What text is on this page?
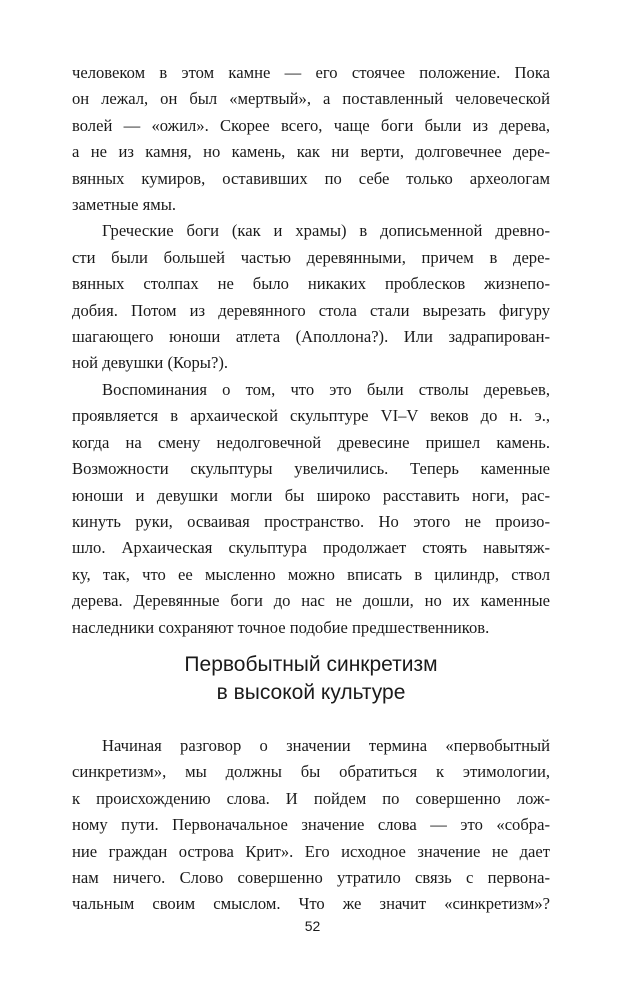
человеком в этом камне — его стоячее положение. Пока
он лежал, он был «мертвый», а поставленный человеческой
волей — «ожил». Скорее всего, чаще боги были из дерева,
а не из камня, но камень, как ни верти, долговечнее дере-
вянных кумиров, оставивших по себе только археологам
заметные ямы.

Греческие боги (как и храмы) в дописьменной древно-
сти были большей частью деревянными, причем в дере-
вянных столпах не было никаких проблесков жизнепо-
добия. Потом из деревянного стола стали вырезать фигуру
шагающего юноши атлета (Аполлона?). Или задрапирован-
ной девушки (Коры?).

Воспоминания о том, что это были стволы деревьев,
проявляется в архаической скульптуре VI–V веков до н. э.,
когда на смену недолговечной древесине пришел камень.
Возможности скульптуры увеличились. Теперь каменные
юноши и девушки могли бы широко расставить ноги, рас-
кинуть руки, осваивая пространство. Но этого не произо-
шло. Архаическая скульптура продолжает стоять навытяж-
ку, так, что ее мысленно можно вписать в цилиндр, ствол
дерева. Деревянные боги до нас не дошли, но их каменные
наследники сохраняют точное подобие предшественников.

Первобытный синкретизм
в высокой культуре

Начиная разговор о значении термина «первобытный
синкретизм», мы должны бы обратиться к этимологии,
к происхождению слова. И пойдем по совершенно лож-
ному пути. Первоначальное значение слова — это «собра-
ние граждан острова Крит». Его исходное значение не дает
нам ничего. Слово совершенно утратило связь с первона-
чальным своим смыслом. Что же значит «синкретизм»?

52
